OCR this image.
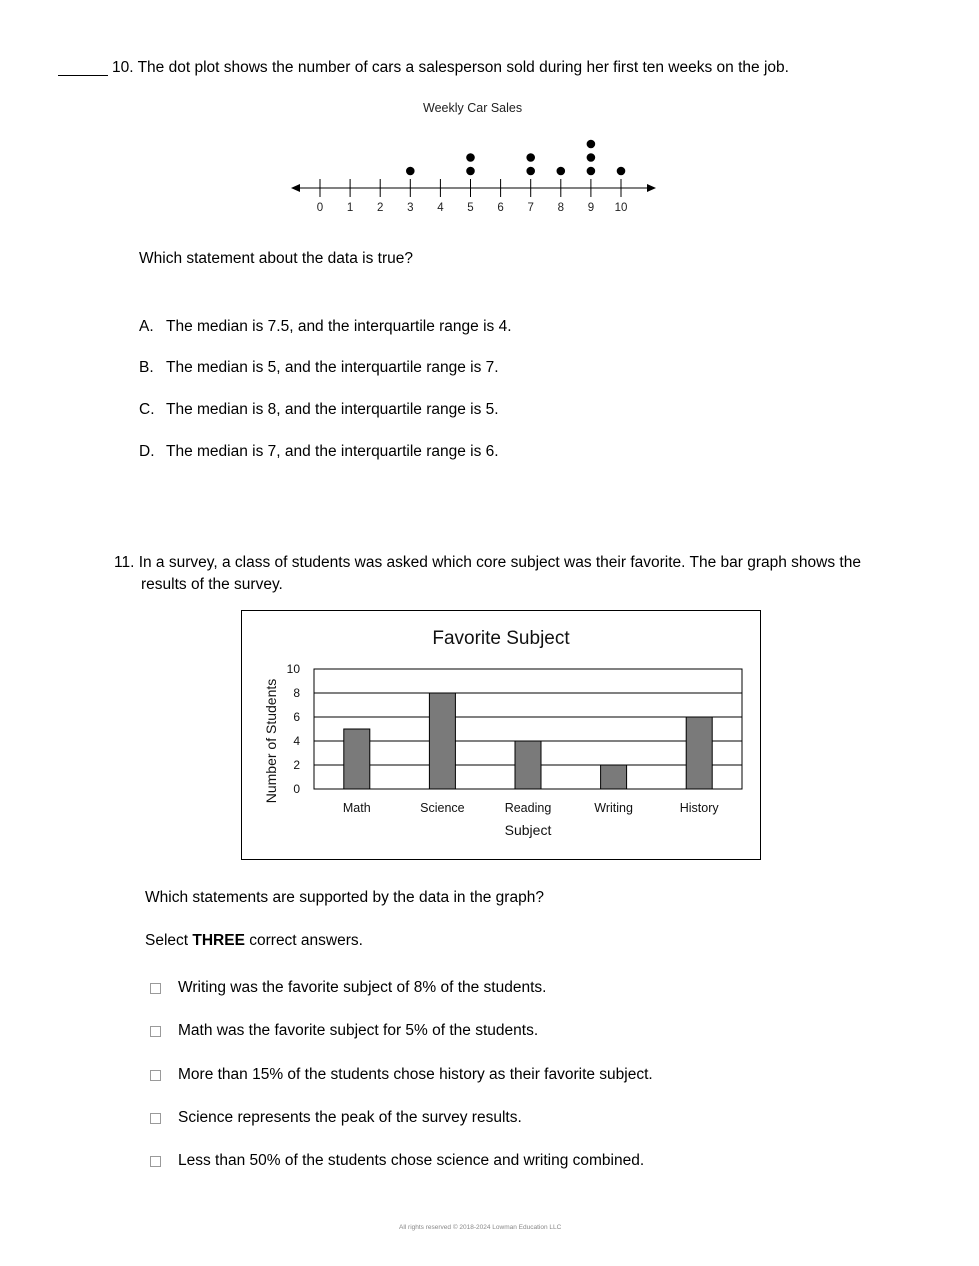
10. The dot plot shows the number of cars a salesperson sold during her first ten weeks on the job.
Weekly Car Sales
0 1 2 3 4 5 6 7 8 9 10
Which statement about the data is true?
A. The median is 7.5, and the interquartile range is 4.
B. The median is 5, and the interquartile range is 7.
C. The median is 8, and the interquartile range is 5.
D. The median is 7, and the interquartile range is 6.
11. In a survey, a class of students was asked which core subject was their favorite. The bar graph shows the
results of the survey.
Favorite Subject
0
2
4
6
8
10
Math	Science	Reading	Writing	History
Subject
Number of Students
Which statements are supported by the data in the graph?
Select THREE correct answers.
Writing was the favorite subject of 8% of the students.
Math was the favorite subject for 5% of the students.
More than 15% of the students chose history as their favorite subject.
Science represents the peak of the survey results.
Less than 50% of the students chose science and writing combined.
All rights reserved © 2018-2024 Lowman Education LLC
